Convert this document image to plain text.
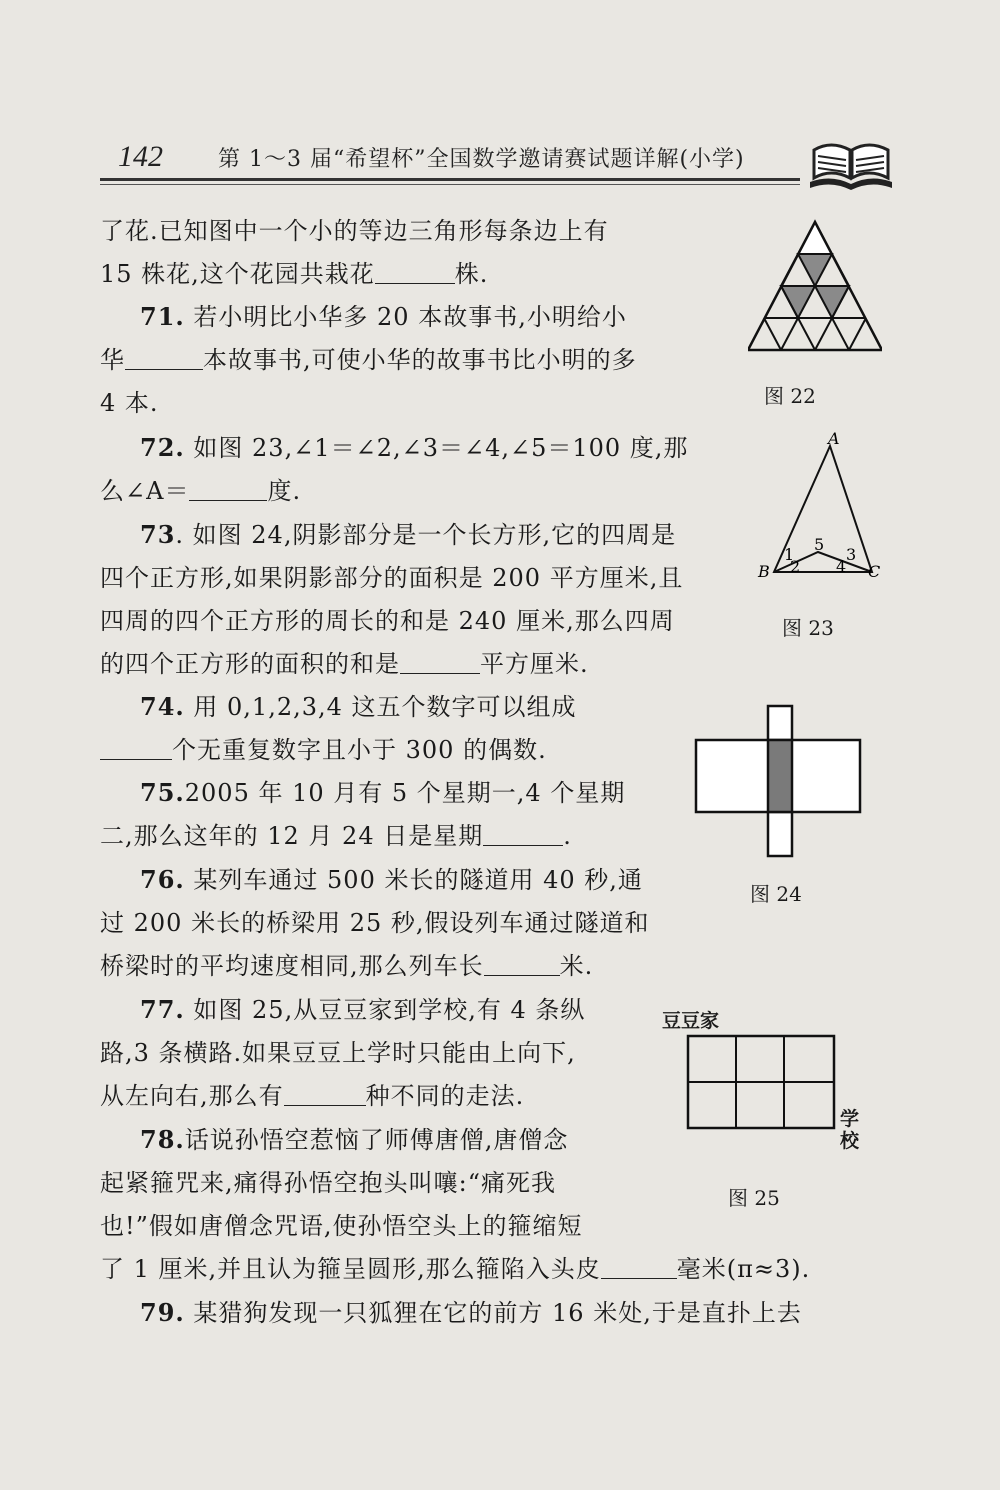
142	第 1～3 届“希望杯”全国数学邀请赛试题详解(小学)
了花.已知图中一个小的等边三角形每条边上有
15 株花,这个花园共栽花	株.
71. 若小明比小华多 20 本故事书,小明给小
华	本故事书,可使小华的故事书比小明的多
4 本.
72. 如图 23,∠1＝∠2,∠3＝∠4,∠5＝100 度,那
么∠A＝	度.
73. 如图 24,阴影部分是一个长方形,它的四周是
四个正方形,如果阴影部分的面积是 200 平方厘米,且
四周的四个正方形的周长的和是 240 厘米,那么四周
的四个正方形的面积的和是	平方厘米.
74. 用 0,1,2,3,4 这五个数字可以组成
个无重复数字且小于 300 的偶数.
75.2005 年 10 月有 5 个星期一,4 个星期
二,那么这年的 12 月 24 日是星期	.
76. 某列车通过 500 米长的隧道用 40 秒,通
过 200 米长的桥梁用 25 秒,假设列车通过隧道和
桥梁时的平均速度相同,那么列车长	米.
77. 如图 25,从豆豆家到学校,有 4 条纵
路,3 条横路.如果豆豆上学时只能由上向下,
从左向右,那么有	种不同的走法.
78.话说孙悟空惹恼了师傅唐僧,唐僧念
起紧箍咒来,痛得孙悟空抱头叫嚷:“痛死我
也!”假如唐僧念咒语,使孙悟空头上的箍缩短
了 1 厘米,并且认为箍呈圆形,那么箍陷入头皮	毫米(π≈3).
79. 某猎狗发现一只狐狸在它的前方 16 米处,于是直扑上去
图 22
A
B	C
1
2
3
4
5
图 23
图 24
豆豆家
学
校
图 25
